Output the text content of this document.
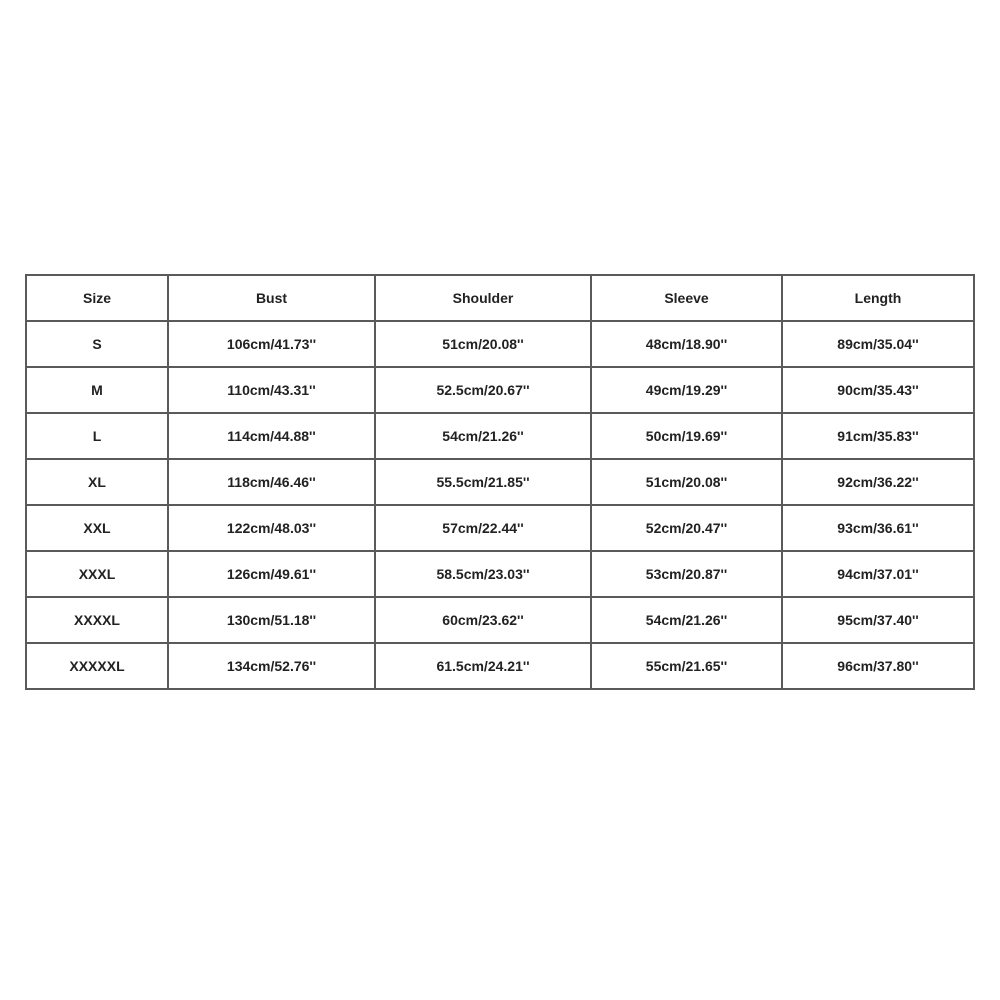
Size	Bust	Shoulder	Sleeve	Length
S	106cm/41.73''	51cm/20.08''	48cm/18.90''	89cm/35.04''
M	110cm/43.31''	52.5cm/20.67''	49cm/19.29''	90cm/35.43''
L	114cm/44.88''	54cm/21.26''	50cm/19.69''	91cm/35.83''
XL	118cm/46.46''	55.5cm/21.85''	51cm/20.08''	92cm/36.22''
XXL	122cm/48.03''	57cm/22.44''	52cm/20.47''	93cm/36.61''
XXXL	126cm/49.61''	58.5cm/23.03''	53cm/20.87''	94cm/37.01''
XXXXL	130cm/51.18''	60cm/23.62''	54cm/21.26''	95cm/37.40''
XXXXXL	134cm/52.76''	61.5cm/24.21''	55cm/21.65''	96cm/37.80''
